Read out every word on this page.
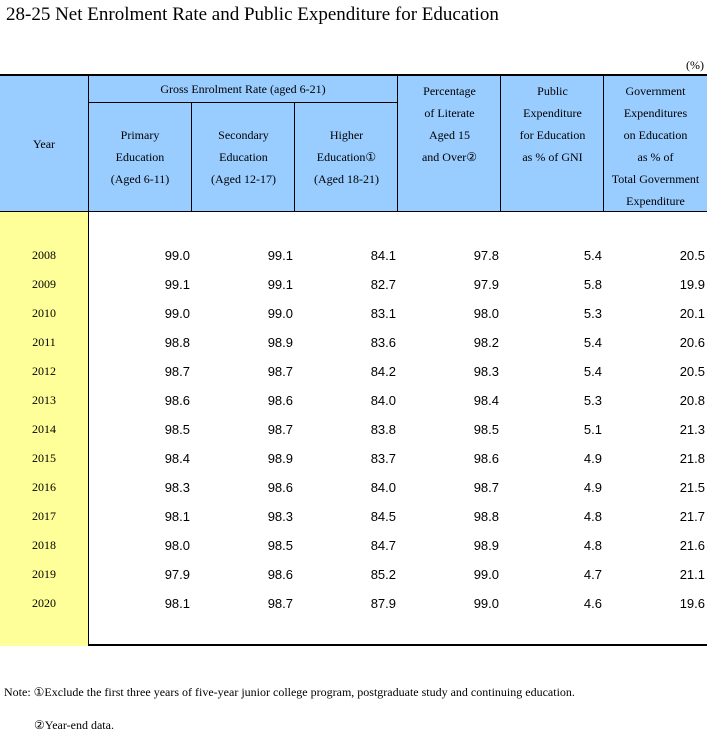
28-25 Net Enrolment Rate and Public Expenditure for Education
(%)
Year
Gross Enrolment Rate (aged 6-21)
Primary
Education
(Aged 6-11)
Secondary
Education
(Aged 12-17)
Higher
Education①
(Aged 18-21)
Percentage
of Literate
Aged 15
and Over②
Public
Expenditure
for Education
as % of GNI
Government
Expenditures
on Education
as % of
Total Government
Expenditure
2008	99.0	99.1	84.1	97.8	5.4	20.5
2009	99.1	99.1	82.7	97.9	5.8	19.9
2010	99.0	99.0	83.1	98.0	5.3	20.1
2011	98.8	98.9	83.6	98.2	5.4	20.6
2012	98.7	98.7	84.2	98.3	5.4	20.5
2013	98.6	98.6	84.0	98.4	5.3	20.8
2014	98.5	98.7	83.8	98.5	5.1	21.3
2015	98.4	98.9	83.7	98.6	4.9	21.8
2016	98.3	98.6	84.0	98.7	4.9	21.5
2017	98.1	98.3	84.5	98.8	4.8	21.7
2018	98.0	98.5	84.7	98.9	4.8	21.6
2019	97.9	98.6	85.2	99.0	4.7	21.1
2020	98.1	98.7	87.9	99.0	4.6	19.6
Note: ①Exclude the first three years of five-year junior college program, postgraduate study and continuing education.
②Year-end data.
